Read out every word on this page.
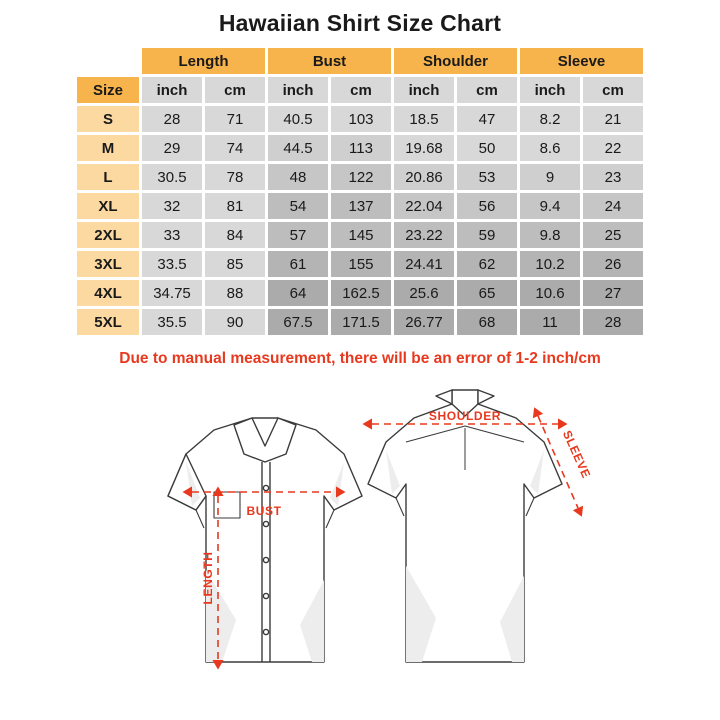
Hawaiian Shirt Size Chart
	Length		Bust		Shoulder		Sleeve	
Size	inch	cm	inch	cm	inch	cm	inch	cm
S	28	71	40.5	103	18.5	47	8.2	21
M	29	74	44.5	113	19.68	50	8.6	22
L	30.5	78	48	122	20.86	53	9	23
XL	32	81	54	137	22.04	56	9.4	24
2XL	33	84	57	145	23.22	59	9.8	25
3XL	33.5	85	61	155	24.41	62	10.2	26
4XL	34.75	88	64	162.5	25.6	65	10.6	27
5XL	35.5	90	67.5	171.5	26.77	68	11	28
Due to manual measurement, there will be an error of 1-2 inch/cm
BUST
LENGTH
SHOULDER
SLEEVE
